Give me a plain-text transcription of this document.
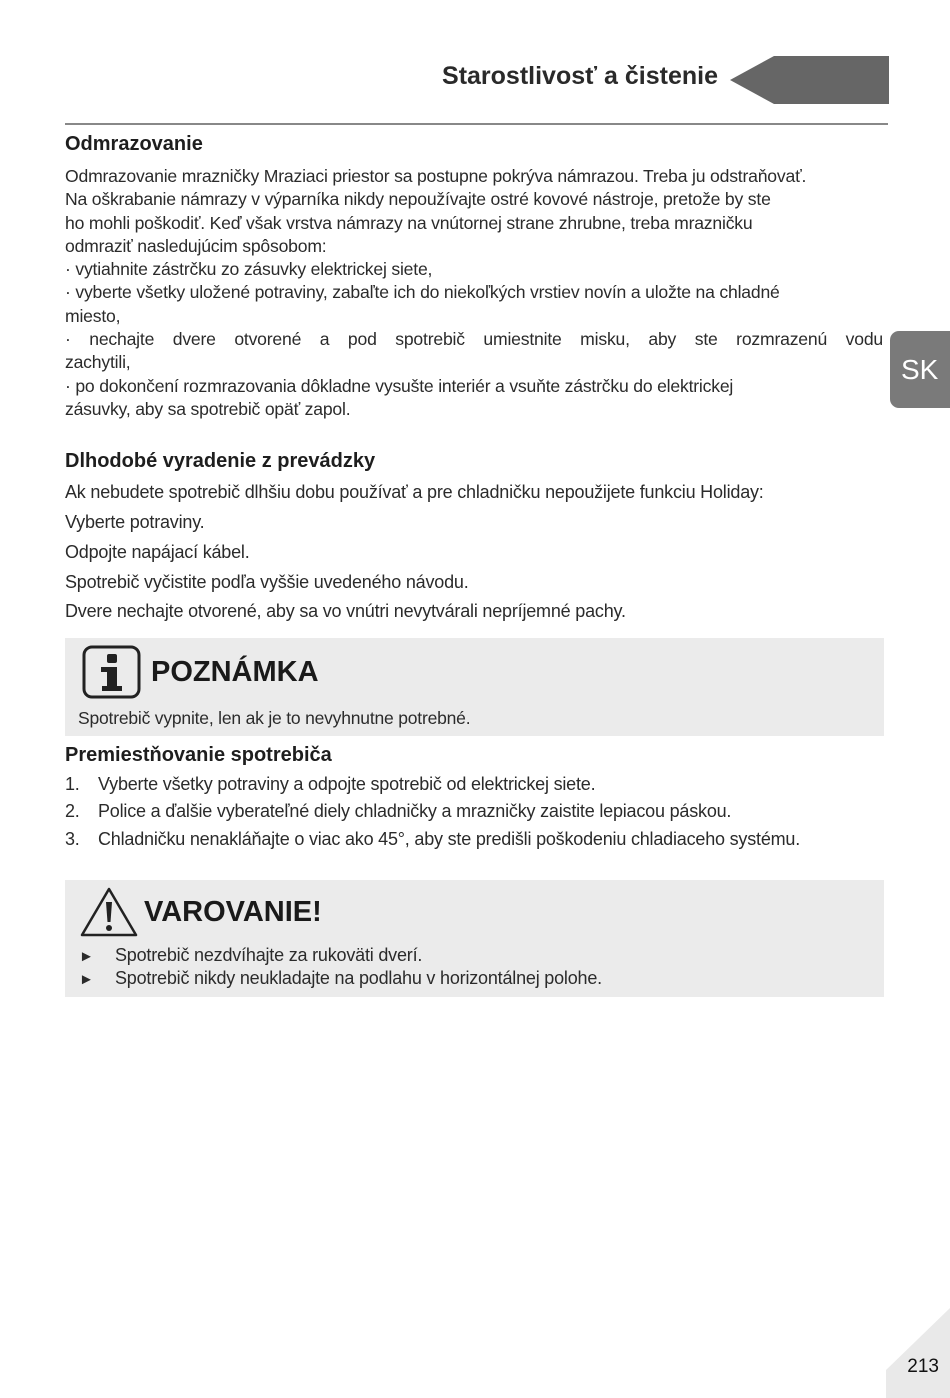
Starostlivosť a čistenie
SK
Odmrazovanie

Odmrazovanie mrazničky Mraziaci priestor sa postupne pokrýva námrazou. Treba ju odstraňovať.

Na oškrabanie námrazy v výparníka nikdy nepoužívajte ostré kovové nástroje, pretože by ste

ho mohli poškodiť. Keď však vrstva námrazy na vnútornej strane zhrubne, treba mrazničku

odmraziť nasledujúcim spôsobom:

· vytiahnite zástrčku zo zásuvky elektrickej siete,

· vyberte všetky uložené potraviny, zabaľte ich do niekoľkých vrstiev novín a uložte na chladné

miesto,

· nechajte dvere otvorené a pod spotrebič umiestnite misku, aby ste rozmrazenú vodu

zachytili,

· po dokončení rozmrazovania dôkladne vysušte interiér a vsuňte zástrčku do elektrickej

zásuvky, aby sa spotrebič opäť zapol.

Dlhodobé vyradenie z prevádzky
Ak nebudete spotrebič dlhšiu dobu používať a pre chladničku nepoužijete funkciu Holiday:
Vyberte potraviny.
Odpojte napájací kábel.
Spotrebič vyčistite podľa vyššie uvedeného návodu.
Dvere nechajte otvorené, aby sa vo vnútri nevytvárali nepríjemné pachy.
POZNÁMKA
Spotrebič vypnite, len ak je to nevyhnutne potrebné.
Premiestňovanie spotrebiča
1. Vyberte všetky potraviny a odpojte spotrebič od elektrickej siete.
2. Police a ďalšie vyberateľné diely chladničky a mrazničky zaistite lepiacou páskou.
3. Chladničku nenakláňajte o viac ako 45°, aby ste predišli poškodeniu chladiaceho systému.
VAROVANIE!
► Spotrebič nezdvíhajte za rukoväti dverí.
► Spotrebič nikdy neukladajte na podlahu v horizontálnej polohe.
213
